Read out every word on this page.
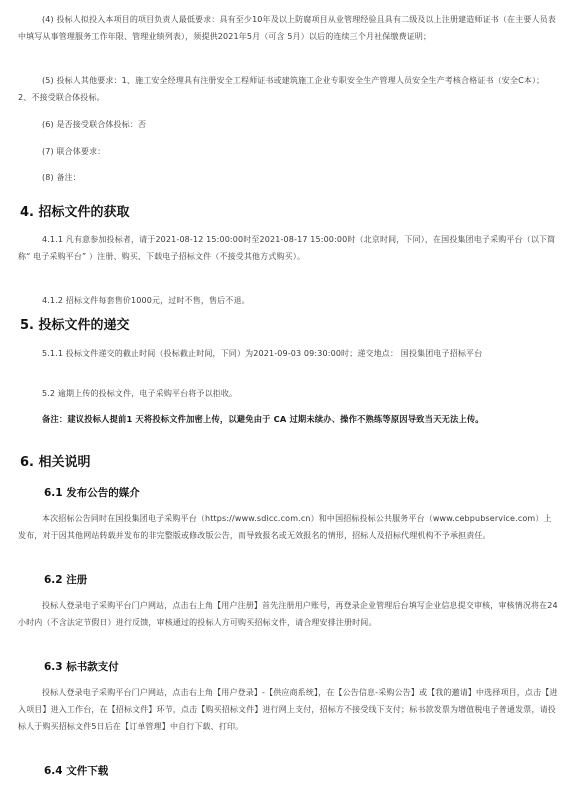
(4) 投标人拟投入本项目的项目负责人最低要求：具有至少10年及以上防腐项目从业管理经验且具有二级及以上注册建造师证书（在主要人员表中填写从事管理服务工作年限、管理业绩列表），须提供2021年5月（可含 5月）以后的连续三个月社保缴费证明；

(5) 投标人其他要求：1、施工安全经理具有注册安全工程师证书或建筑施工企业专职安全生产管理人员安全生产考核合格证书（安全C本）； 2、不接受联合体投标。

(6) 是否接受联合体投标：否

(7) 联合体要求：

(8) 备注：

4. 招标文件的获取

4.1.1 凡有意参加投标者，请于2021-08-12 15:00:00时至2021-08-17 15:00:00时（北京时间，下同），在国投集团电子采购平台（以下简称“ 电子采购平台” ）注册、购买、下载电子招标文件（不接受其他方式购买）。

4.1.2 招标文件每套售价1000元，过时不售，售后不退。

5. 投标文件的递交

5.1.1 投标文件递交的截止时间（投标截止时间，下同）为2021-09-03 09:30:00时；递交地点： 国投集团电子招标平台

5.2 逾期上传的投标文件，电子采购平台将予以拒收。

备注：建议投标人提前1 天将投标文件加密上传，以避免由于 CA 过期未续办、操作不熟练等原因导致当天无法上传。

6. 相关说明
6.1 发布公告的媒介

本次招标公告同时在国投集团电子采购平台（https://www.sdicc.com.cn）和中国招标投标公共服务平台（www.cebpubservice.com）上发布，对于因其他网站转载并发布的非完整版或修改版公告，而导致报名或无效报名的情形，招标人及招标代理机构不予承担责任。

6.2 注册

投标人登录电子采购平台门户网站，点击右上角【用户注册】首先注册用户账号，再登录企业管理后台填写企业信息提交审核，审核情况将在24小时内（不含法定节假日）进行反馈，审核通过的投标人方可购买招标文件，请合理安排注册时间。

6.3 标书款支付

投标人登录电子采购平台门户网站，点击右上角【用户登录】-【供应商系统】，在【公告信息-采购公告】或【我的邀请】中选择项目，点击【进入项目】进入工作台，在【招标文件】环节，点击【购买招标文件】进行网上支付，招标方不接受线下支付；标书款发票为增值税电子普通发票，请投标人于购买招标文件5日后在【订单管理】中自行下载、打印。

6.4 文件下载
